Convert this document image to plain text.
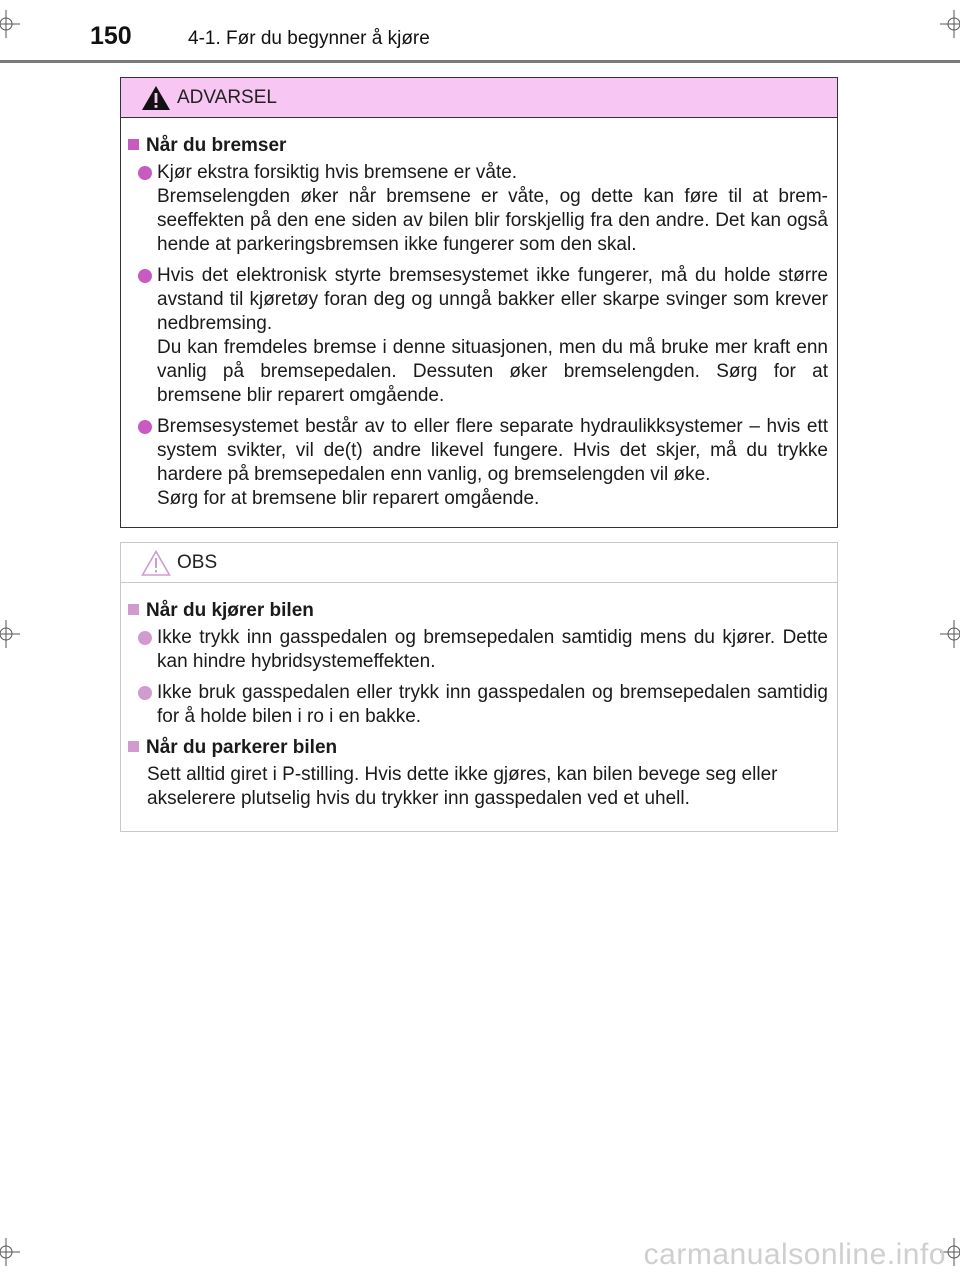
150	4-1. Før du begynner å kjøre
ADVARSEL
Når du bremser

Kjør ekstra forsiktig hvis bremsene er våte.

Bremselengden øker når bremsene er våte, og dette kan føre til at bremseeffekten på den ene siden av bilen blir forskjellig fra den andre. Det kan også hende at parkeringsbremsen ikke fungerer som den skal.

Hvis det elektronisk styrte bremsesystemet ikke fungerer, må du holde større avstand til kjøretøy foran deg og unngå bakker eller skarpe svinger som krever nedbremsing.

Du kan fremdeles bremse i denne situasjonen, men du må bruke mer kraft enn vanlig på bremsepedalen. Dessuten øker bremselengden. Sørg for at bremsene blir reparert omgående.

Bremsesystemet består av to eller flere separate hydraulikksystemer – hvis ett system svikter, vil de(t) andre likevel fungere. Hvis det skjer, må du trykke hardere på bremsepedalen enn vanlig, og bremselengden vil øke.

Sørg for at bremsene blir reparert omgående.

OBS
Når du kjører bilen

Ikke trykk inn gasspedalen og bremsepedalen samtidig mens du kjører. Dette kan hindre hybridsystemeffekten.

Ikke bruk gasspedalen eller trykk inn gasspedalen og bremsepedalen samtidig for å holde bilen i ro i en bakke.

Når du parkerer bilen

Sett alltid giret i P-stilling. Hvis dette ikke gjøres, kan bilen bevege seg eller akselerere plutselig hvis du trykker inn gasspedalen ved et uhell.

carmanualsonline.info
